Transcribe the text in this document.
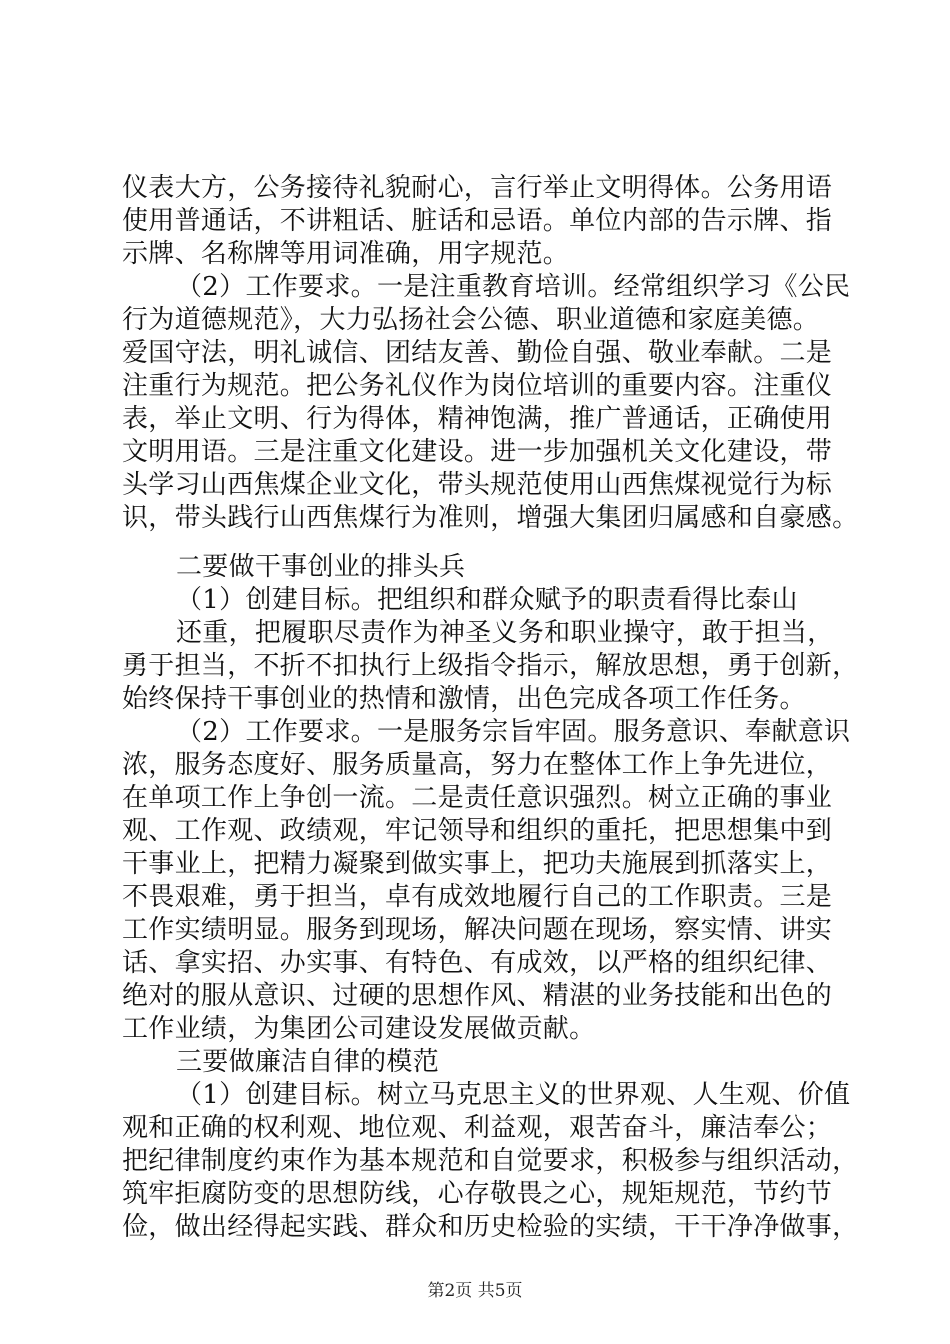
仪表大方，公务接待礼貌耐心，言行举止文明得体。公务用语
使用普通话，不讲粗话、脏话和忌语。单位内部的告示牌、指
示牌、名称牌等用词准确，用字规范。
（2）工作要求。一是注重教育培训。经常组织学习《公民
行为道德规范》，大力弘扬社会公德、职业道德和家庭美德。
爱国守法，明礼诚信、团结友善、勤俭自强、敬业奉献。二是
注重行为规范。把公务礼仪作为岗位培训的重要内容。注重仪
表，举止文明、行为得体，精神饱满，推广普通话，正确使用
文明用语。三是注重文化建设。进一步加强机关文化建设，带
头学习山西焦煤企业文化，带头规范使用山西焦煤视觉行为标
识，带头践行山西焦煤行为准则，增强大集团归属感和自豪感。
二要做干事创业的排头兵
（1）创建目标。把组织和群众赋予的职责看得比泰山
还重，把履职尽责作为神圣义务和职业操守，敢于担当，
勇于担当，不折不扣执行上级指令指示，解放思想，勇于创新，
始终保持干事创业的热情和激情，出色完成各项工作任务。
（2）工作要求。一是服务宗旨牢固。服务意识、奉献意识
浓，服务态度好、服务质量高，努力在整体工作上争先进位，
在单项工作上争创一流。二是责任意识强烈。树立正确的事业
观、工作观、政绩观，牢记领导和组织的重托，把思想集中到
干事业上，把精力凝聚到做实事上，把功夫施展到抓落实上，
不畏艰难，勇于担当，卓有成效地履行自己的工作职责。三是
工作实绩明显。服务到现场，解决问题在现场，察实情、讲实
话、拿实招、办实事、有特色、有成效，以严格的组织纪律、
绝对的服从意识、过硬的思想作风、精湛的业务技能和出色的
工作业绩，为集团公司建设发展做贡献。
三要做廉洁自律的模范
（1）创建目标。树立马克思主义的世界观、人生观、价值
观和正确的权利观、地位观、利益观，艰苦奋斗，廉洁奉公；
把纪律制度约束作为基本规范和自觉要求，积极参与组织活动，
筑牢拒腐防变的思想防线，心存敬畏之心，规矩规范，节约节
俭，做出经得起实践、群众和历史检验的实绩，干干净净做事，
第2页 共5页
